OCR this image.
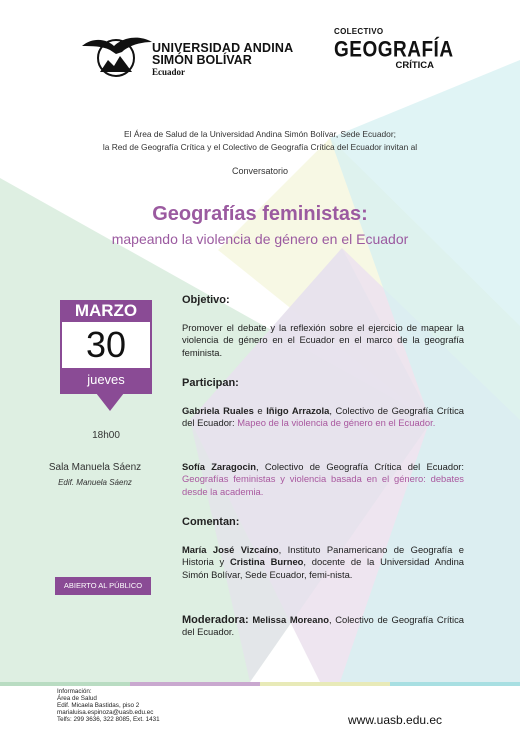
UNIVERSIDAD ANDINA
SIMÓN BOLÍVAR
Ecuador
COLECTIVO
GEOGRAFÍA
CRÍTICA
El Área de Salud de la Universidad Andina Simón Bolívar, Sede Ecuador;
la Red de Geografía Crítica y el Colectivo de Geografía Crítica del Ecuador invitan al
Conversatorio
Geografías feministas:
mapeando la violencia de género en el Ecuador
MARZO
30
jueves
18h00
Sala Manuela Sáenz
Edif. Manuela Sáenz
ABIERTO AL PÚBLICO
Objetivo:

Promover el debate y la reflexión sobre el ejercicio de mapear la violencia de género en el Ecuador en el marco de la geografía feminista.

Participan:

Gabriela Ruales e Iñigo Arrazola, Colectivo de Geografía Crítica del Ecuador: Mapeo de la violencia de género en el Ecuador.

Sofía Zaragocin, Colectivo de Geografía Crítica del Ecuador: Geografías feministas y violencia basada en el género: debates desde la academia.

Comentan:

María José Vizcaíno, Instituto Panamericano de Geografía e Historia y Cristina Burneo, docente de la Universidad Andina Simón Bolívar, Sede Ecuador, femi-nista.

Moderadora: Melissa Moreano, Colectivo de Geografía Crítica del Ecuador.

Información:
Área de Salud
Edif. Micaela Bastidas, piso 2
marialuisa.espinoza@uasb.edu.ec
Telfs: 299 3636, 322 8085, Ext. 1431	www.uasb.edu.ec
